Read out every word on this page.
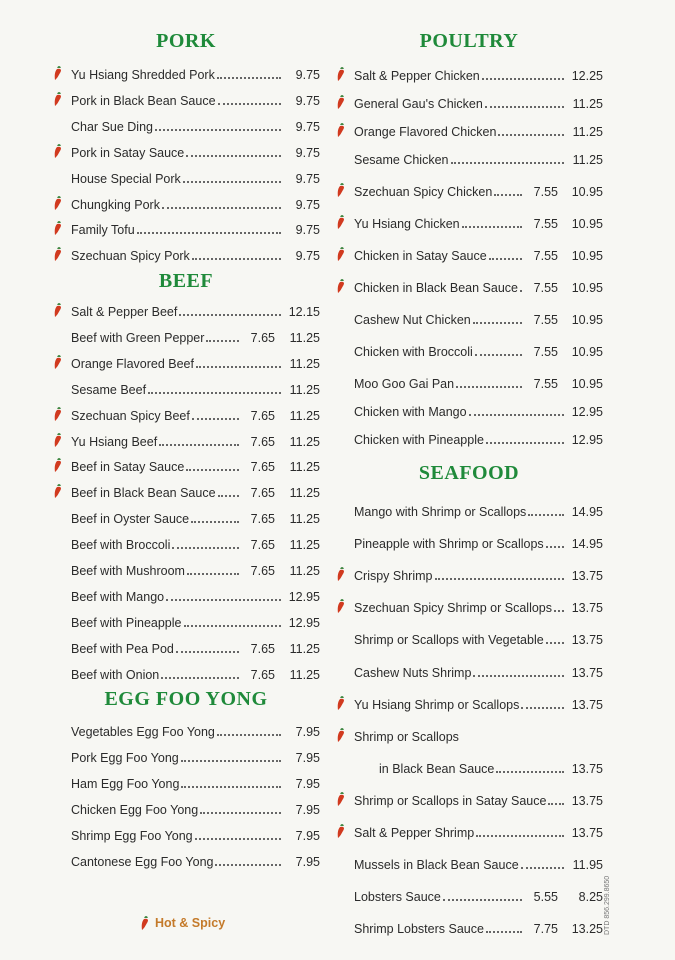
PORK
Yu Hsiang Shredded Pork	9.75
Pork in Black Bean Sauce	9.75
Char Sue Ding	9.75
Pork in Satay Sauce	9.75
House Special Pork	9.75
Chungking Pork	9.75
Family Tofu	9.75
Szechuan Spicy Pork	9.75
BEEF
Salt & Pepper Beef	12.15
Beef with Green Pepper	7.65	11.25
Orange Flavored Beef	11.25
Sesame Beef	11.25
Szechuan Spicy Beef	7.65	11.25
Yu Hsiang Beef	7.65	11.25
Beef in Satay Sauce	7.65	11.25
Beef in Black Bean Sauce	7.65	11.25
Beef in Oyster Sauce	7.65	11.25
Beef with Broccoli	7.65	11.25
Beef with Mushroom	7.65	11.25
Beef with Mango	12.95
Beef with Pineapple	12.95
Beef with Pea Pod	7.65	11.25
Beef with Onion	7.65	11.25
EGG FOO YONG
Vegetables Egg Foo Yong	7.95
Pork Egg Foo Yong	7.95
Ham Egg Foo Yong	7.95
Chicken Egg Foo Yong	7.95
Shrimp Egg Foo Yong	7.95
Cantonese Egg Foo Yong	7.95
POULTRY
Salt & Pepper Chicken	12.25
General Gau's Chicken	11.25
Orange Flavored Chicken	11.25
Sesame Chicken	11.25
Szechuan Spicy Chicken	7.55	10.95
Yu Hsiang Chicken	7.55	10.95
Chicken in Satay Sauce	7.55	10.95
Chicken in Black Bean Sauce	7.55	10.95
Cashew Nut Chicken	7.55	10.95
Chicken with Broccoli	7.55	10.95
Moo Goo Gai Pan	7.55	10.95
Chicken with Mango	12.95
Chicken with Pineapple	12.95
SEAFOOD
Mango with Shrimp or Scallops	14.95
Pineapple with Shrimp or Scallops	14.95
Crispy Shrimp	13.75
Szechuan Spicy Shrimp or Scallops	13.75
Shrimp or Scallops with Vegetable	13.75
Cashew Nuts Shrimp	13.75
Yu Hsiang Shrimp or Scallops	13.75
Shrimp or Scallops
in Black Bean Sauce	13.75
Shrimp or Scallops in Satay Sauce	13.75
Salt & Pepper Shrimp	13.75
Mussels in Black Bean Sauce	11.95
Lobsters Sauce	5.55	8.25
Shrimp Lobsters Sauce	7.75	13.25
Hot & Spicy	DTD 856.299.8650
